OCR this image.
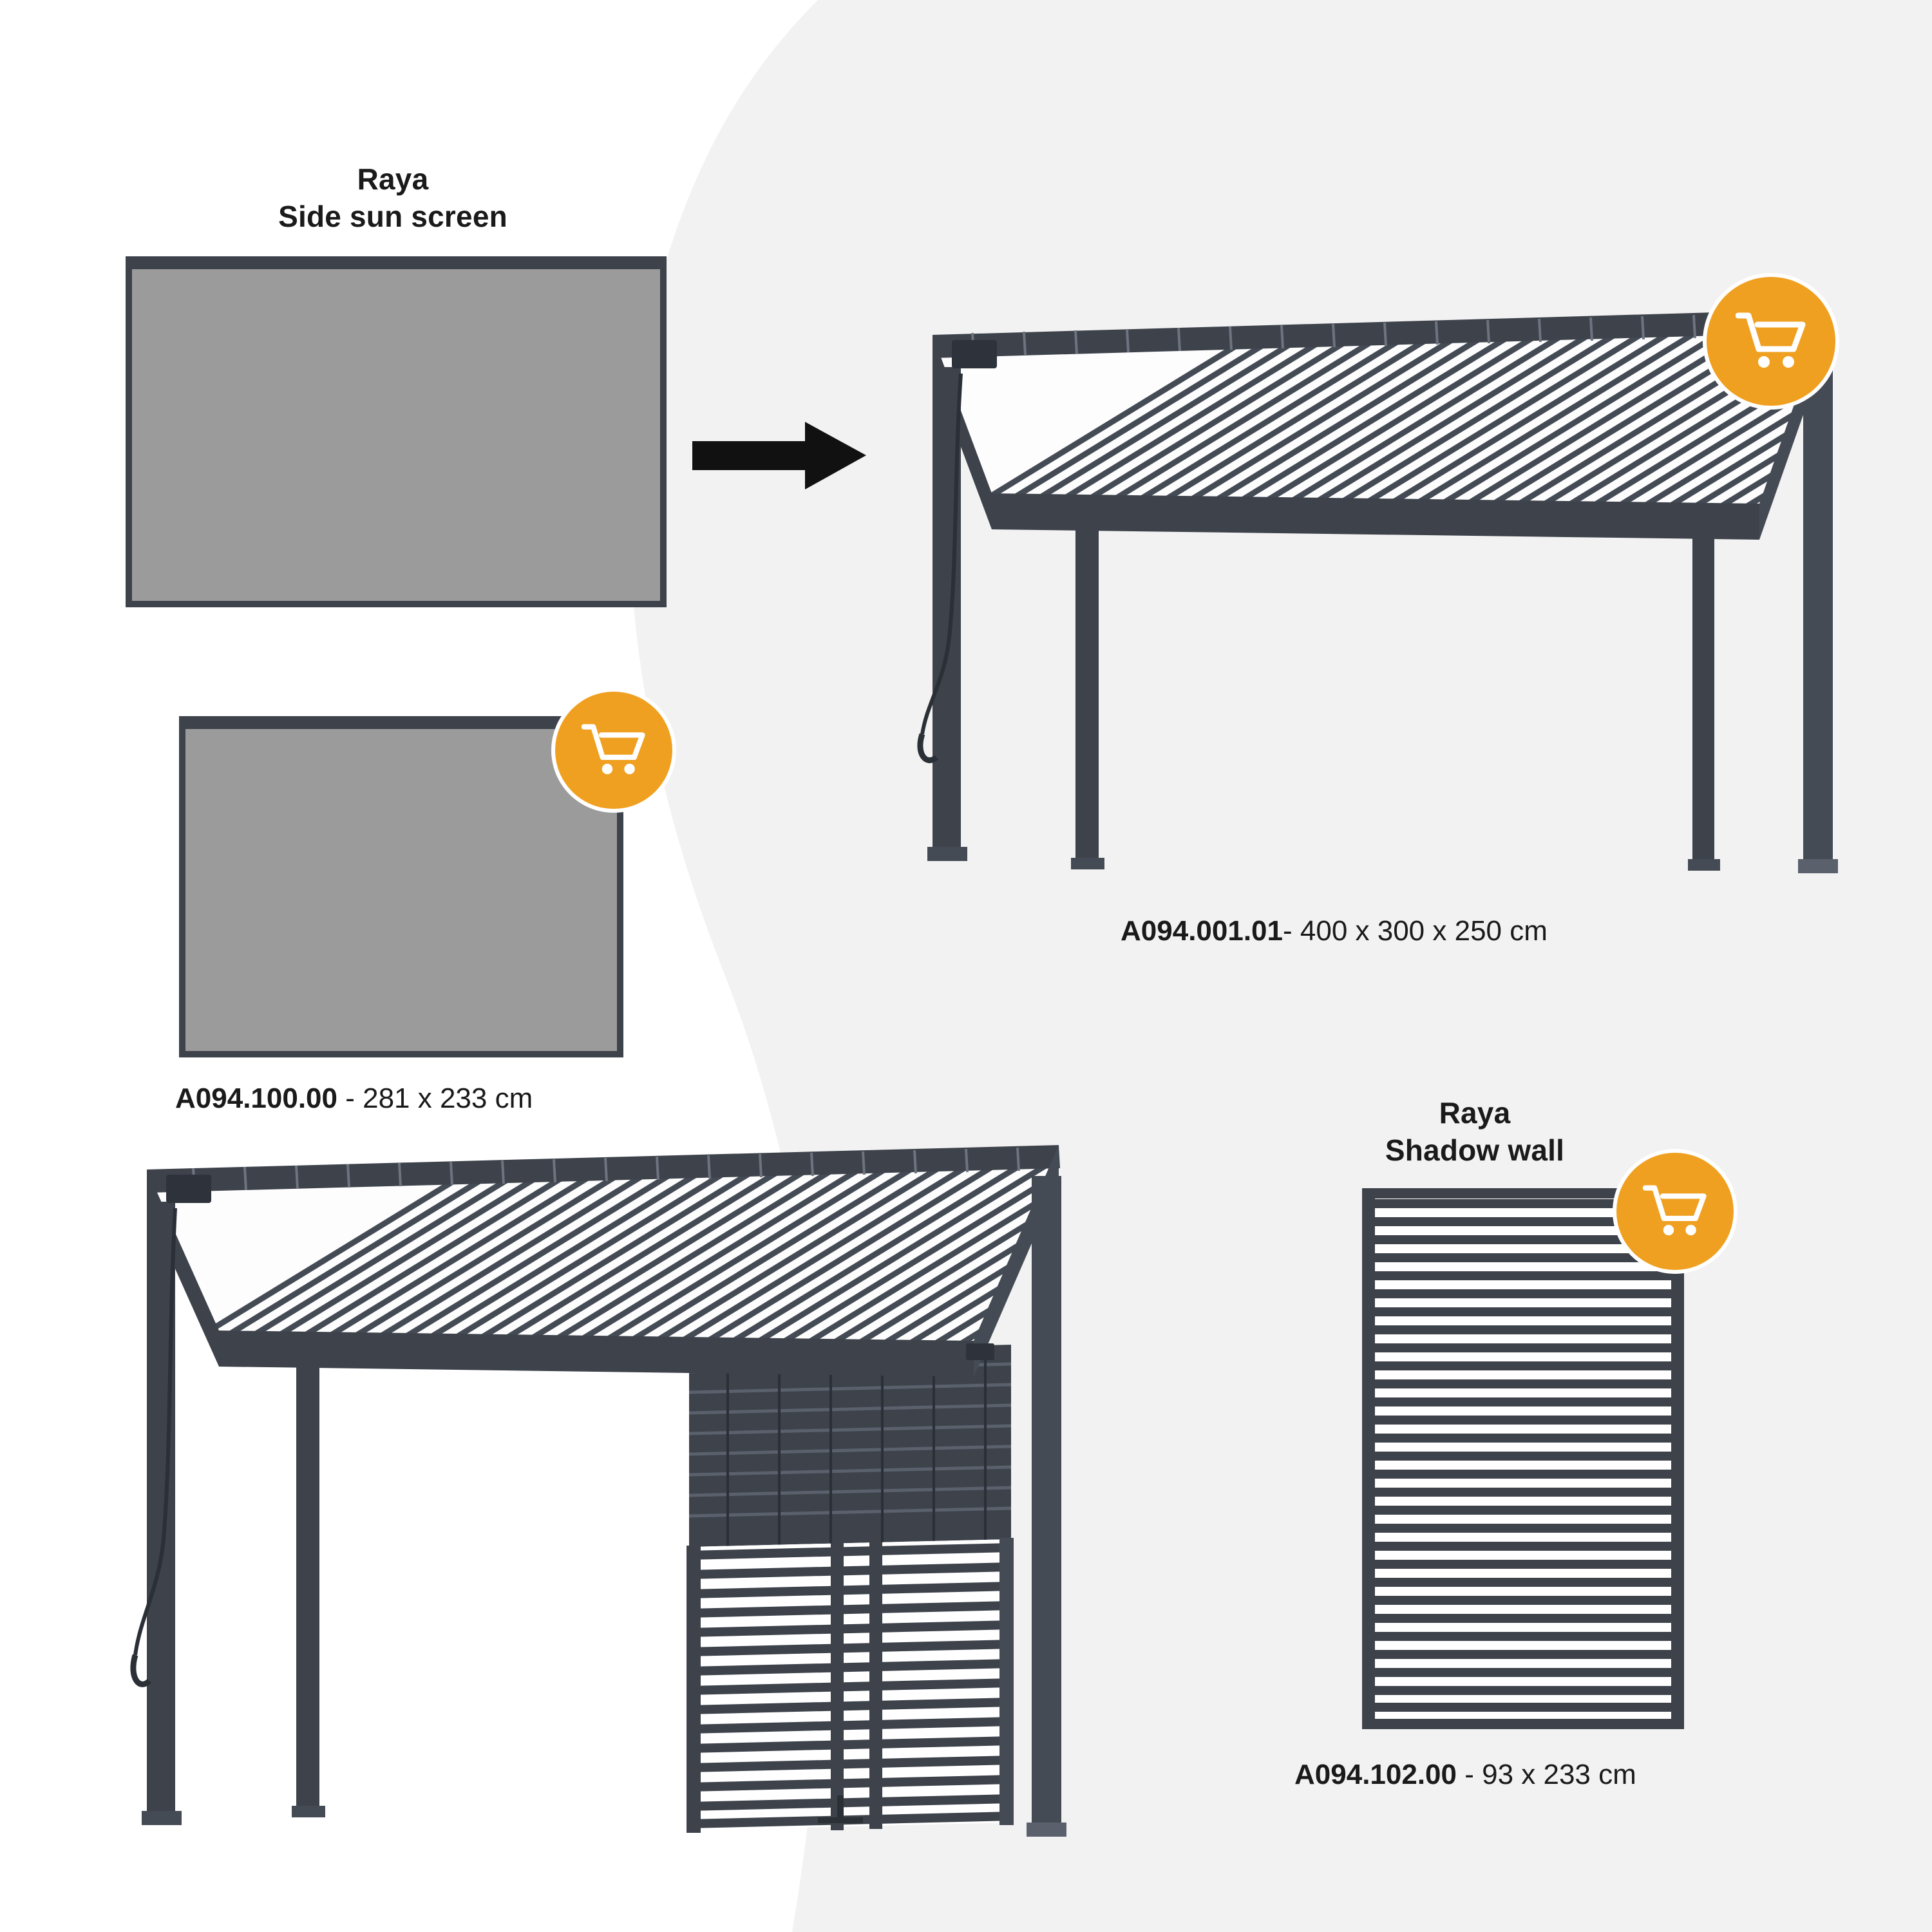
Raya
Side sun screen
A094.001.01- 400 x 300 x 250 cm
A094.100.00 - 281 x 233 cm	Raya
Shadow wall
A094.102.00 - 93 x 233 cm
